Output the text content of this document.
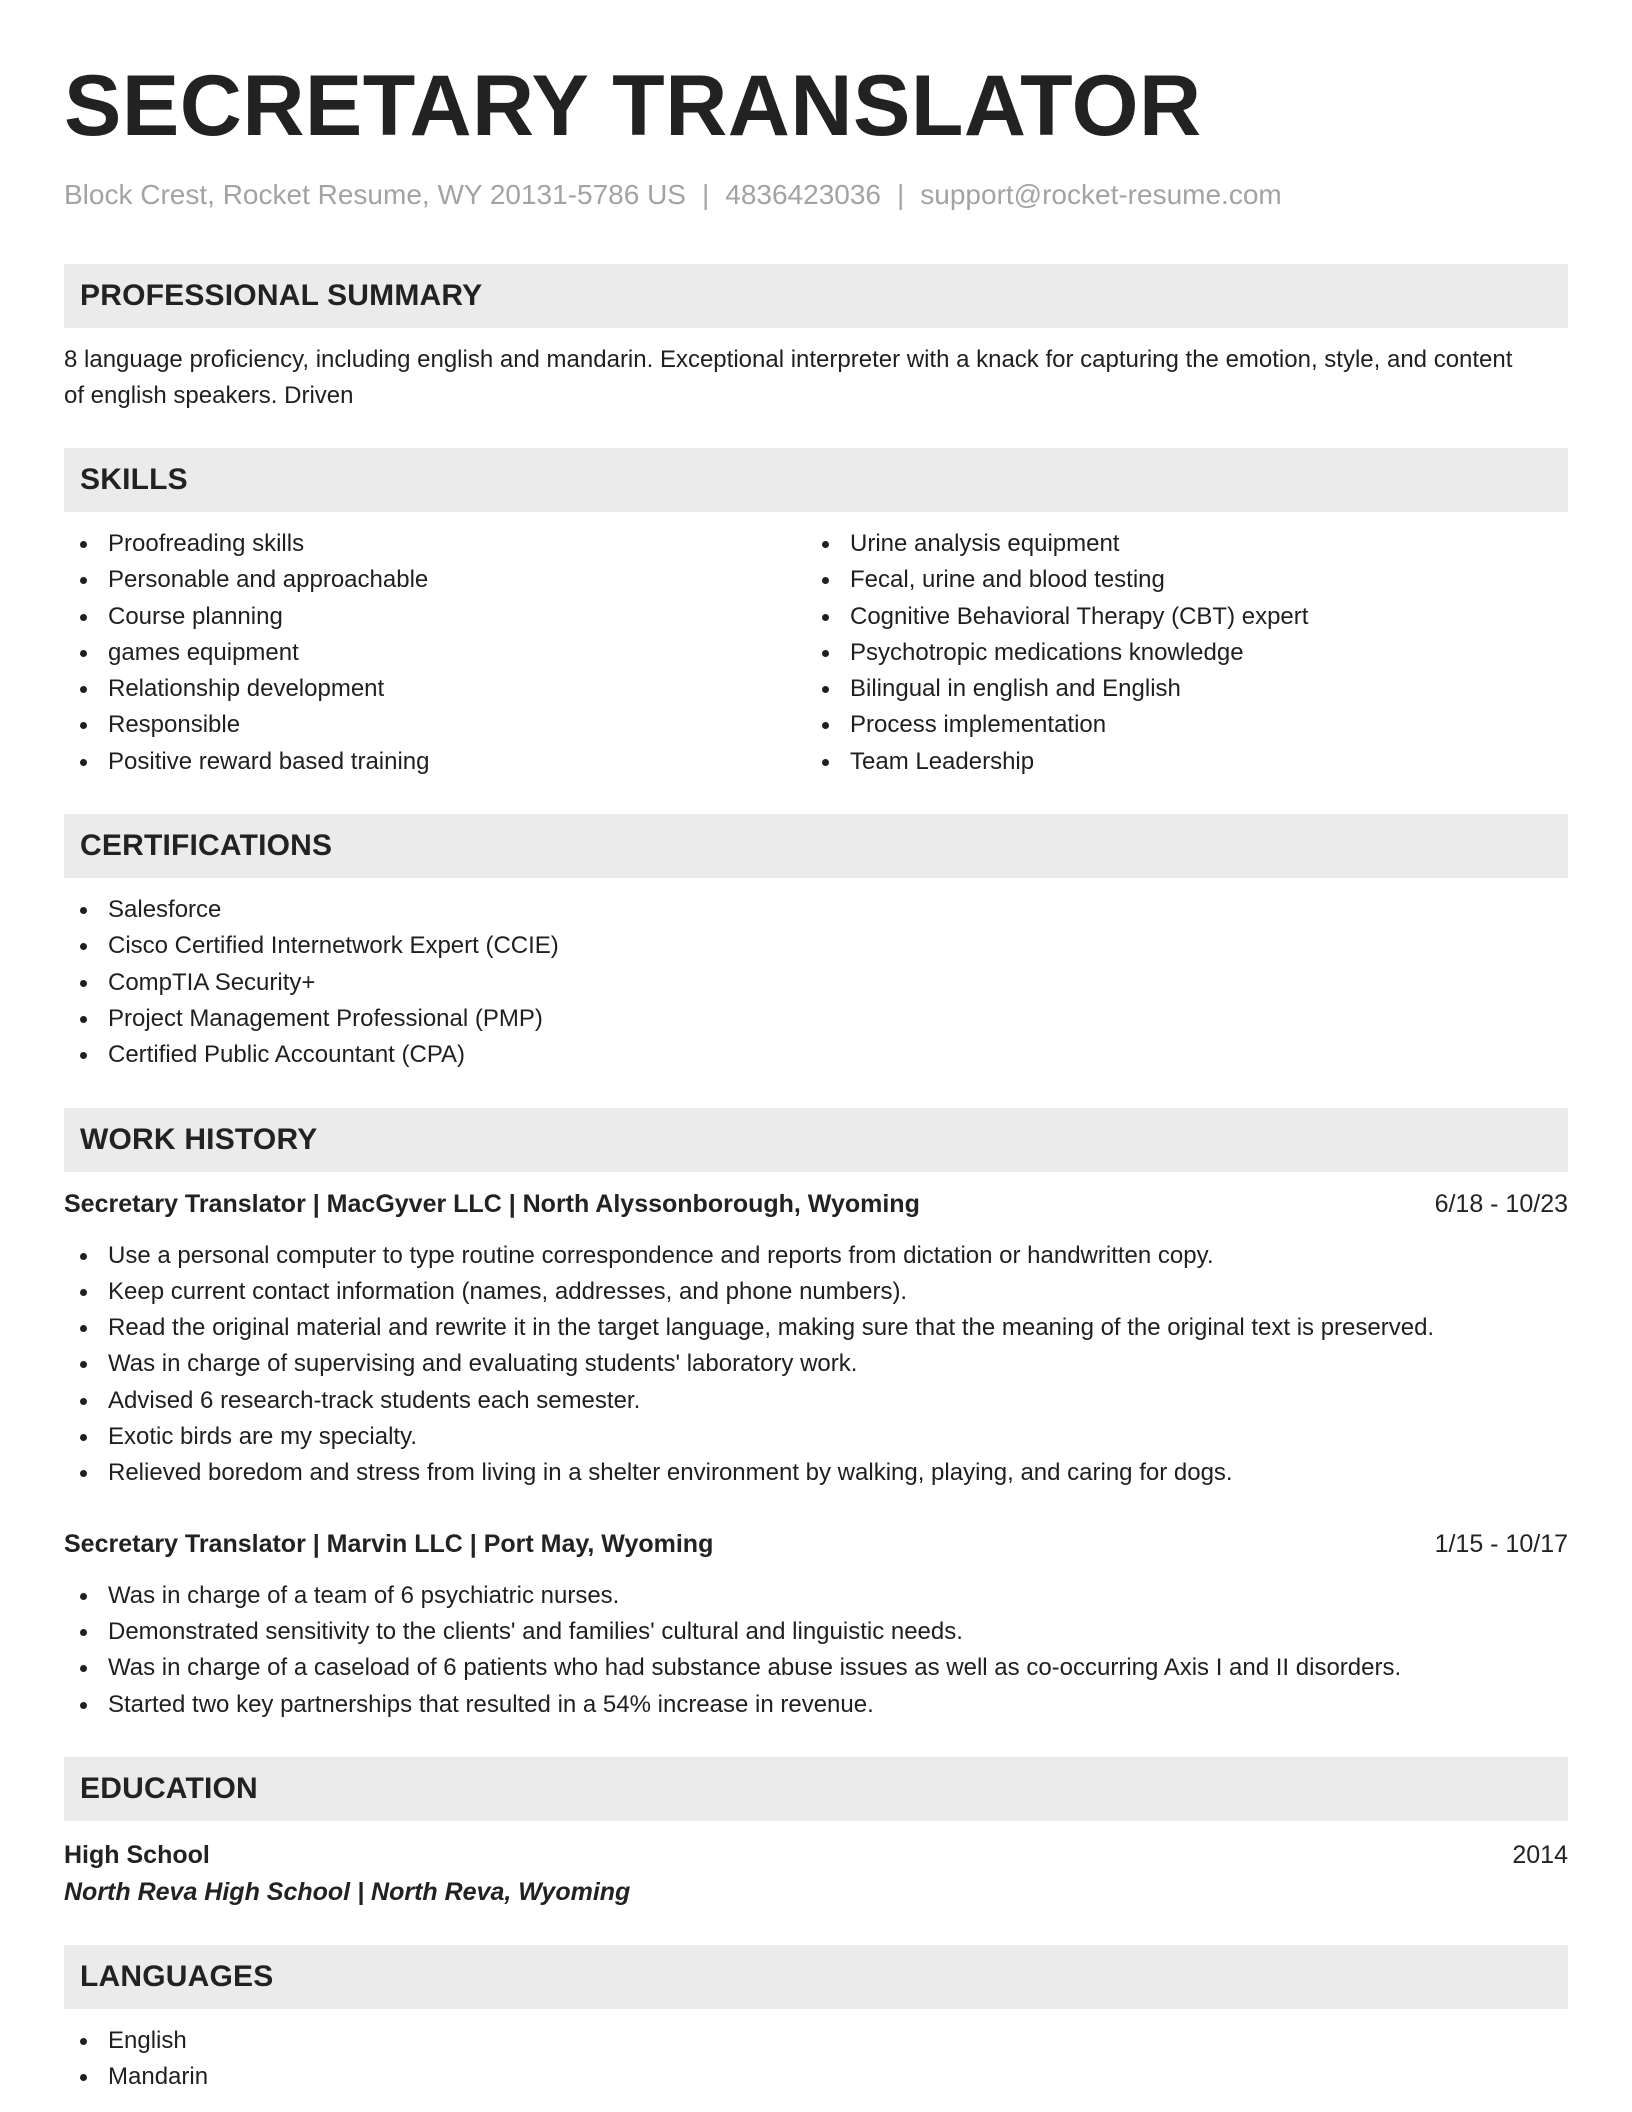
SECRETARY TRANSLATOR
Block Crest, Rocket Resume, WY 20131-5786 US | 4836423036 | support@rocket-resume.com
PROFESSIONAL SUMMARY
8 language proficiency, including english and mandarin. Exceptional interpreter with a knack for capturing the emotion, style, and content of english speakers. Driven
SKILLS
Proofreading skills
Personable and approachable
Course planning
games equipment
Relationship development
Responsible
Positive reward based training
Urine analysis equipment
Fecal, urine and blood testing
Cognitive Behavioral Therapy (CBT) expert
Psychotropic medications knowledge
Bilingual in english and English
Process implementation
Team Leadership
CERTIFICATIONS
Salesforce
Cisco Certified Internetwork Expert (CCIE)
CompTIA Security+
Project Management Professional (PMP)
Certified Public Accountant (CPA)
WORK HISTORY
Secretary Translator | MacGyver LLC | North Alyssonborough, Wyoming	6/18 - 10/23
Use a personal computer to type routine correspondence and reports from dictation or handwritten copy.
Keep current contact information (names, addresses, and phone numbers).
Read the original material and rewrite it in the target language, making sure that the meaning of the original text is preserved.
Was in charge of supervising and evaluating students' laboratory work.
Advised 6 research-track students each semester.
Exotic birds are my specialty.
Relieved boredom and stress from living in a shelter environment by walking, playing, and caring for dogs.
Secretary Translator | Marvin LLC | Port May, Wyoming	1/15 - 10/17
Was in charge of a team of 6 psychiatric nurses.
Demonstrated sensitivity to the clients' and families' cultural and linguistic needs.
Was in charge of a caseload of 6 patients who had substance abuse issues as well as co-occurring Axis I and II disorders.
Started two key partnerships that resulted in a 54% increase in revenue.
EDUCATION
High School	2014
North Reva High School | North Reva, Wyoming
LANGUAGES
English
Mandarin
